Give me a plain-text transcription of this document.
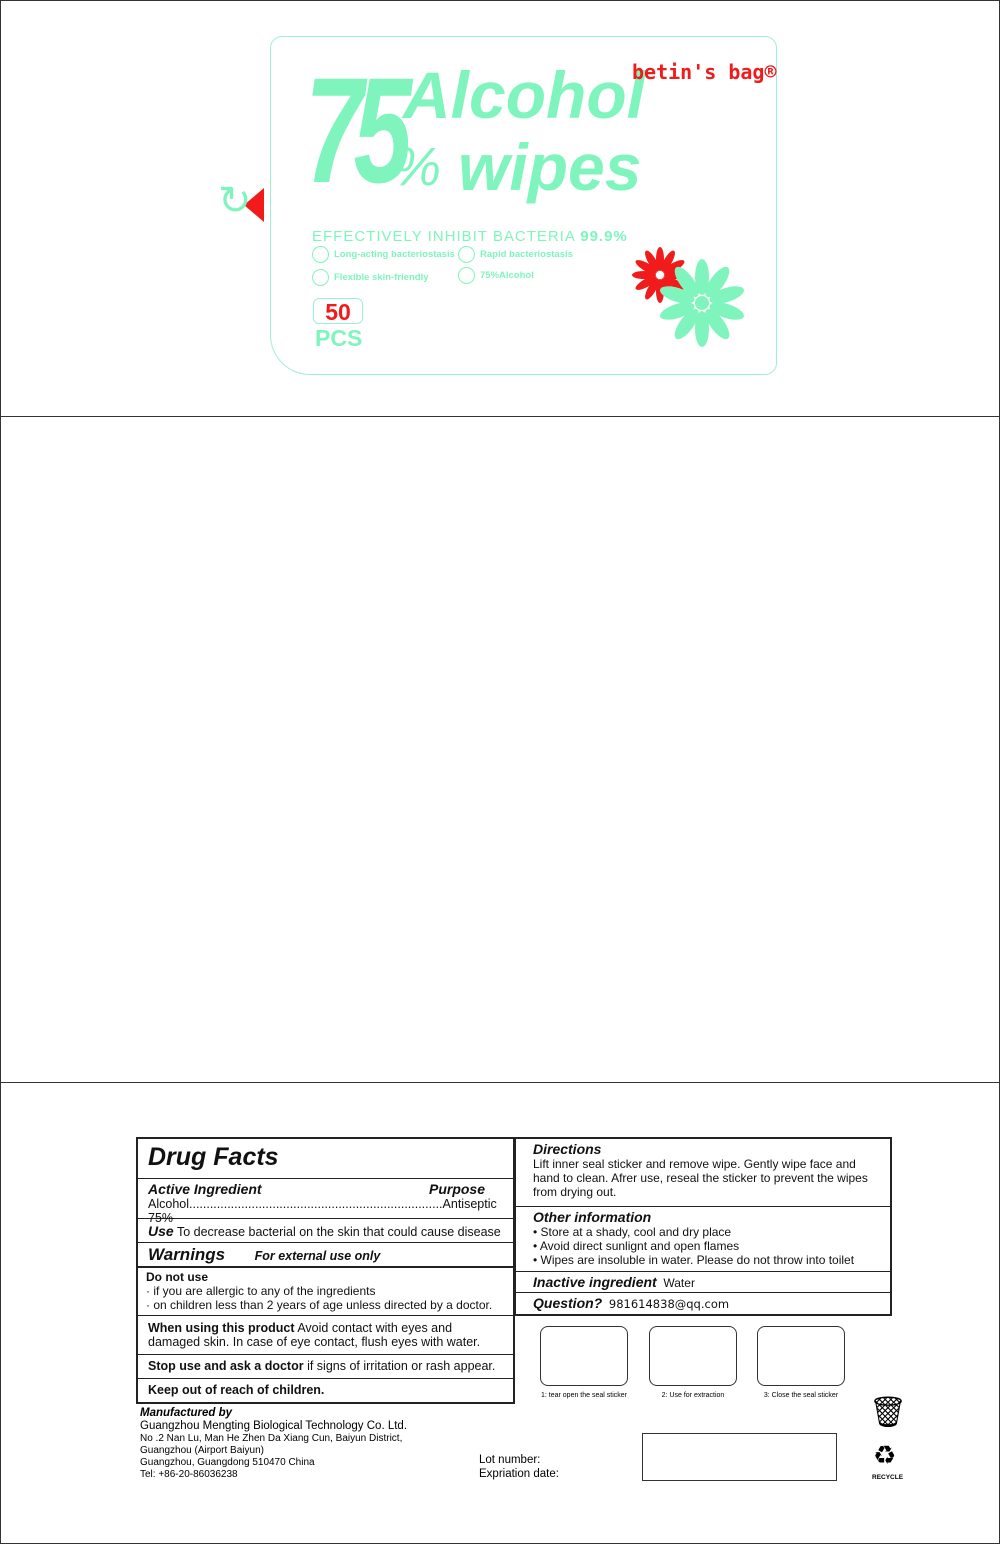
↻ 75 Alcohol
% wipes
betin's bag®
EFFECTIVELY INHIBIT BACTERIA 99.9%
Long-acting bacteriostasis	Rapid bacteriostasis
Flexible skin-friendly	75%Alcohol
50
PCS
Drug Facts
Active Ingredient	Purpose
Alcohol 75%
......................................................................... Antiseptic
Use To decrease bacterial on the skin that could cause disease
Warnings For external use only
Do not use
· if you are allergic to any of the ingredients
· on children less than 2 years of age unless directed by a doctor.
When using this product Avoid contact with eyes and damaged skin. In case of eye contact, flush eyes with water.
Stop use and ask a doctor if signs of irritation or rash appear.
Keep out of reach of children.
Directions
Lift inner seal sticker and remove wipe. Gently wipe face and hand to clean. Afrer use, reseal the sticker to prevent the wipes from drying out.
Other information
• Store at a shady, cool and dry place
• Avoid direct sunlignt and open flames
• Wipes are insoluble in water. Please do not throw into toilet
Inactive ingredient Water
Question? 981614838@qq.com
1: tear open the seal sticker	2: Use for extraction	3: Close the seal sticker
Manufactured by
Guangzhou Mengting Biological Technology Co. Ltd.
No .2 Nan Lu, Man He Zhen Da Xiang Cun, Baiyun District,
Guangzhou (Airport Baiyun)
Guangzhou, Guangdong 510470 China
Tel: +86-20-86036238
Lot number:
Expriation date:
🗑
♻
RECYCLE
